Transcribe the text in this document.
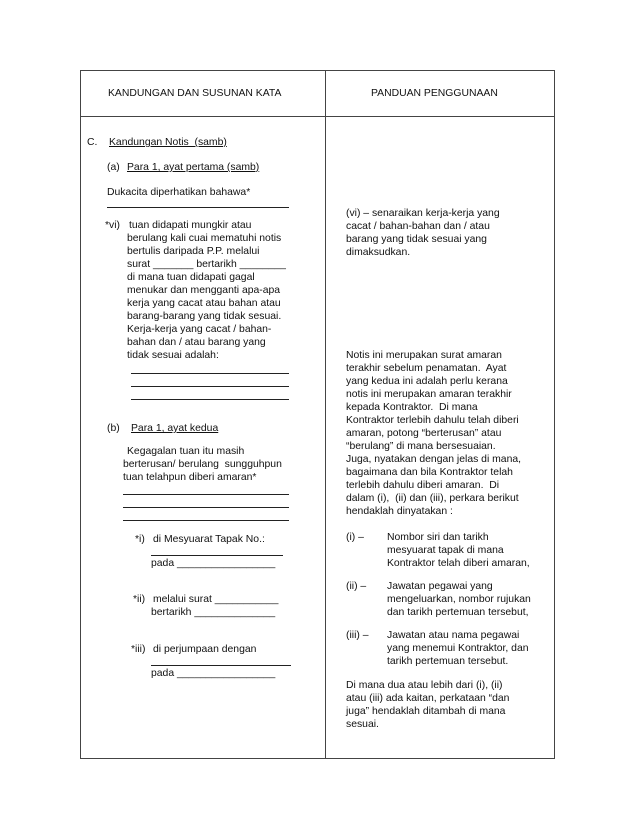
KANDUNGAN DAN SUSUNAN KATA	PANDUAN PENGGUNAAN
C. Kandungan Notis  (samb)
(a) Para 1, ayat pertama (samb)
Dukacita diperhatikan bahawa*
*vi) tuan didapati mungkir atau
berulang kali cuai mematuhi notis
bertulis daripada P.P. melalui
surat _______ bertarikh ________
di mana tuan didapati gagal
menukar dan mengganti apa-apa
kerja yang cacat atau bahan atau
barang-barang yang tidak sesuai.
Kerja-kerja yang cacat / bahan-
bahan dan / atau barang yang
tidak sesuai adalah:
(b) Para 1, ayat kedua
Kegagalan tuan itu masih
berterusan/ berulang  sungguhpun
tuan telahpun diberi amaran*
*i) di Mesyuarat Tapak No.:
pada _________________
*ii) melalui surat ___________
bertarikh ______________
*iii) di perjumpaan dengan
pada _________________
(vi) – senaraikan kerja-kerja yang
cacat / bahan-bahan dan / atau
barang yang tidak sesuai yang
dimaksudkan.
Notis ini merupakan surat amaran
terakhir sebelum penamatan.  Ayat
yang kedua ini adalah perlu kerana
notis ini merupakan amaran terakhir
kepada Kontraktor.  Di mana
Kontraktor terlebih dahulu telah diberi
amaran, potong “berterusan” atau
“berulang” di mana bersesuaian.
Juga, nyatakan dengan jelas di mana,
bagaimana dan bila Kontraktor telah
terlebih dahulu diberi amaran.  Di
dalam (i),  (ii) dan (iii), perkara berikut
hendaklah dinyatakan :
(i) – Nombor siri dan tarikh
mesyuarat tapak di mana
Kontraktor telah diberi amaran,
(ii) – Jawatan pegawai yang
mengeluarkan, nombor rujukan
dan tarikh pertemuan tersebut,
(iii) – Jawatan atau nama pegawai
yang menemui Kontraktor, dan
tarikh pertemuan tersebut.
Di mana dua atau lebih dari (i), (ii)
atau (iii) ada kaitan, perkataan “dan
juga” hendaklah ditambah di mana
sesuai.
